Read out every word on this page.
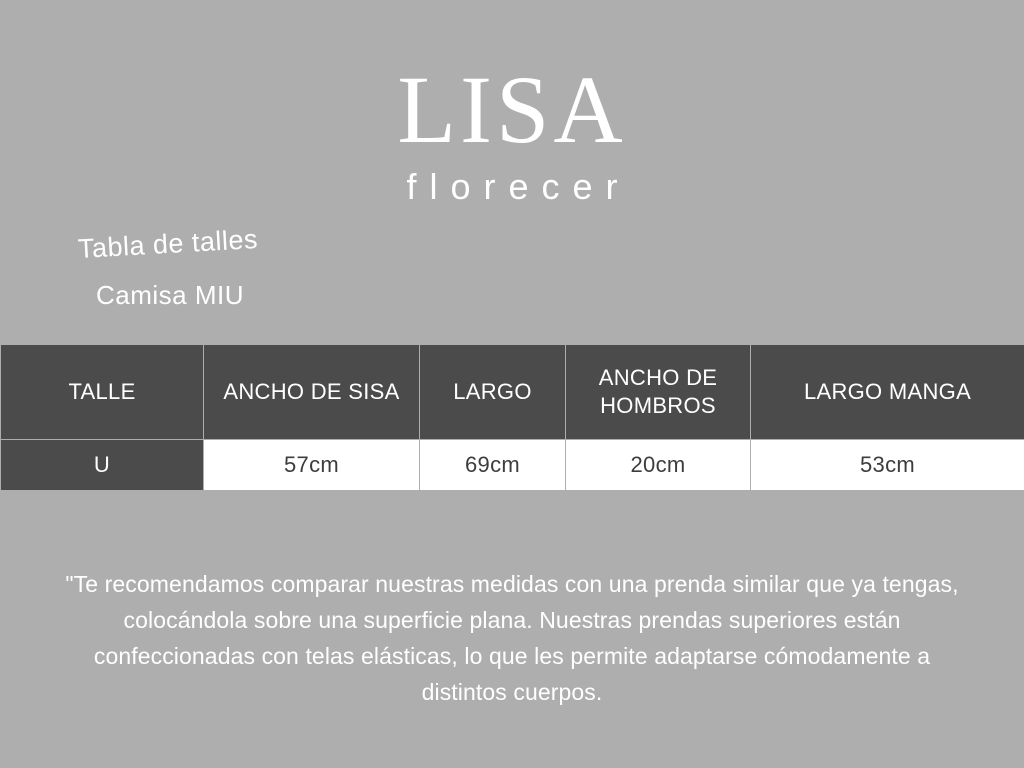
LISA
florecer
Tabla de talles
Camisa MIU
TALLE	ANCHO DE SISA	LARGO	ANCHO DE HOMBROS	LARGO MANGA
U	57cm	69cm	20cm	53cm
"Te recomendamos comparar nuestras medidas con una prenda similar que ya tengas, colocándola sobre una superficie plana. Nuestras prendas superiores están confeccionadas con telas elásticas, lo que les permite adaptarse cómodamente a distintos cuerpos.
